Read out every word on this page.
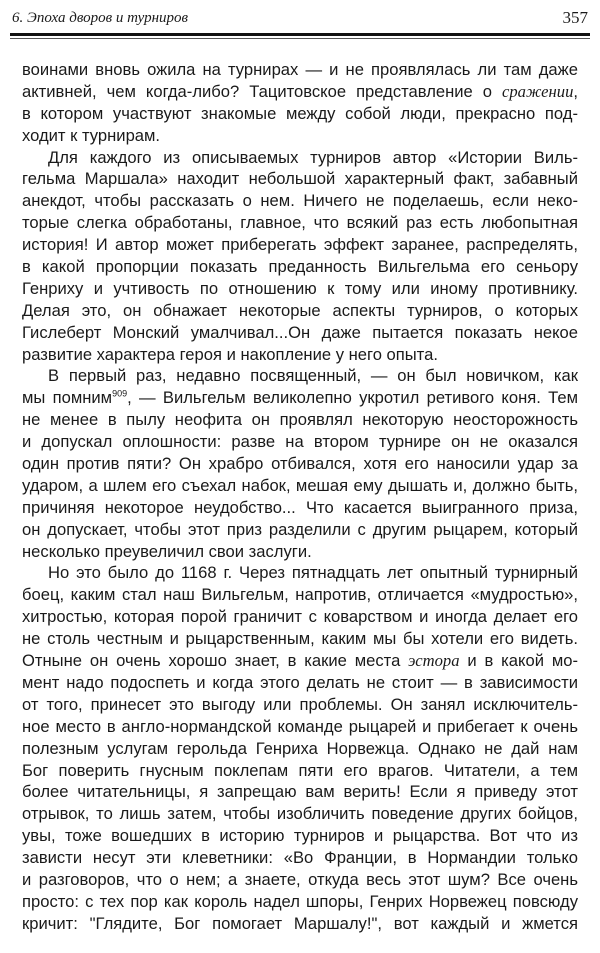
6. Эпоха дворов и турниров	357
воинами вновь ожила на турнирах — и не проявлялась ли там даже
активней, чем когда-либо? Тацитовское представление о сражении,
в котором участвуют знакомые между собой люди, прекрасно под-
ходит к турнирам.
Для каждого из описываемых турниров автор «Истории Виль-
гельма Маршала» находит небольшой характерный факт, забавный
анекдот, чтобы рассказать о нем. Ничего не поделаешь, если неко-
торые слегка обработаны, главное, что всякий раз есть любопытная
история! И автор может приберегать эффект заранее, распределять,
в какой пропорции показать преданность Вильгельма его сеньору
Генриху и учтивость по отношению к тому или иному противнику.
Делая это, он обнажает некоторые аспекты турниров, о которых
Гислеберт Монский умалчивал...Он даже пытается показать некое
развитие характера героя и накопление у него опыта.
В первый раз, недавно посвященный, — он был новичком, как
мы помним$^{909}$, — Вильгельм великолепно укротил ретивого коня. Тем
не менее в пылу неофита он проявлял некоторую неосторожность
и допускал оплошности: разве на втором турнире он не оказался
один против пяти? Он храбро отбивался, хотя его наносили удар за
ударом, а шлем его съехал набок, мешая ему дышать и, должно быть,
причиняя некоторое неудобство... Что касается выигранного приза,
он допускает, чтобы этот приз разделили с другим рыцарем, который
несколько преувеличил свои заслуги.
Но это было до 1168 г. Через пятнадцать лет опытный турнирный
боец, каким стал наш Вильгельм, напротив, отличается «мудростью»,
хитростью, которая порой граничит с коварством и иногда делает его
не столь честным и рыцарственным, каким мы бы хотели его видеть.
Отныне он очень хорошо знает, в какие места эстора и в какой мо-
мент надо подоспеть и когда этого делать не стоит — в зависимости
от того, принесет это выгоду или проблемы. Он занял исключитель-
ное место в англо-нормандской команде рыцарей и прибегает к очень
полезным услугам герольда Генриха Норвежца. Однако не дай нам
Бог поверить гнусным поклепам пяти его врагов. Читатели, а тем
более читательницы, я запрещаю вам верить! Если я приведу этот
отрывок, то лишь затем, чтобы изобличить поведение других бойцов,
увы, тоже вошедших в историю турниров и рыцарства. Вот что из
зависти несут эти клеветники: «Во Франции, в Нормандии только
и разговоров, что о нем; а знаете, откуда весь этот шум? Все очень
просто: с тех пор как король надел шпоры, Генрих Норвежец повсюду
кричит: "Глядите, Бог помогает Маршалу!", вот каждый и жмется
